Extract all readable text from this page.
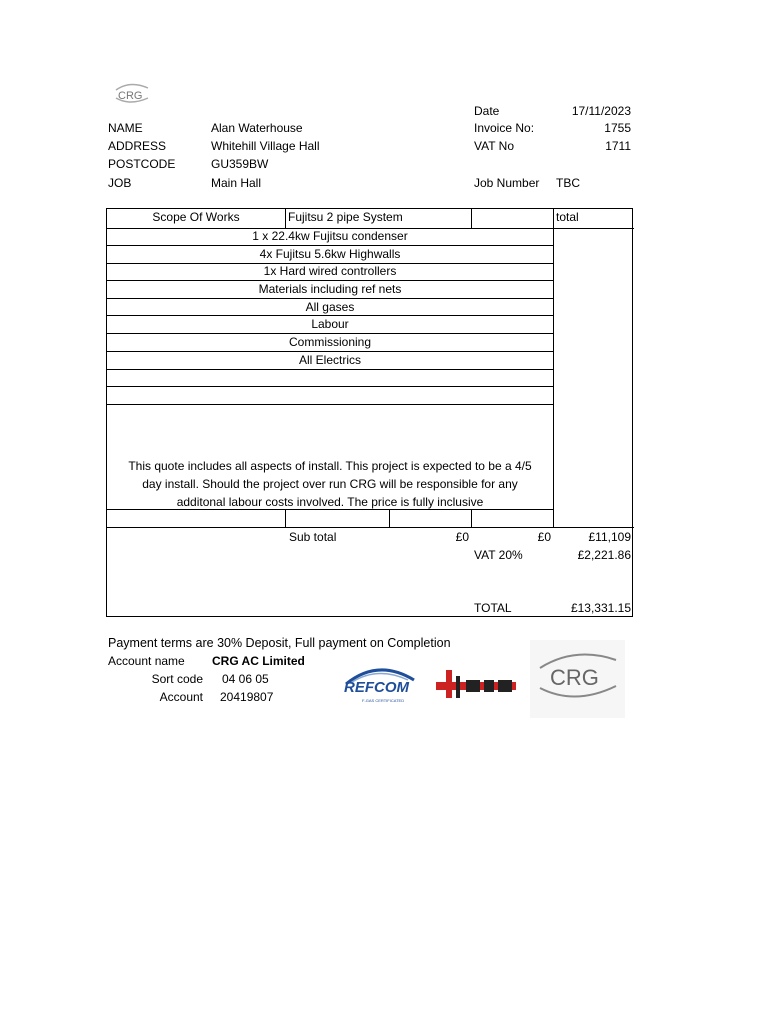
CRG
NAME	Alan Waterhouse
ADDRESS	Whitehill Village Hall
POSTCODE	GU359BW
JOB	Main Hall
Date	17/11/2023
Invoice No:	1755
VAT No	1711
Job Number TBC
Scope Of Works	Fujitsu 2 pipe System	total
1 x 22.4kw Fujitsu condenser
4x Fujitsu 5.6kw Highwalls
1x Hard wired controllers
Materials including ref nets
All gases
Labour
Commissioning
All Electrics
This quote includes all aspects of install. This project is expected to be a 4/5
day install. Should the project over run CRG will be responsible for any
additonal labour costs involved. The price is fully inclusive
Sub total	£0	£0	£11,109
VAT 20%	£2,221.86
TOTAL	£13,331.15
Payment terms are 30% Deposit, Full payment on Completion
Account name CRG AC Limited
Sort code 04 06 05
Account 20419807
REFCOM
F-GAS CERTIFICATED	NICEIC
CRG
